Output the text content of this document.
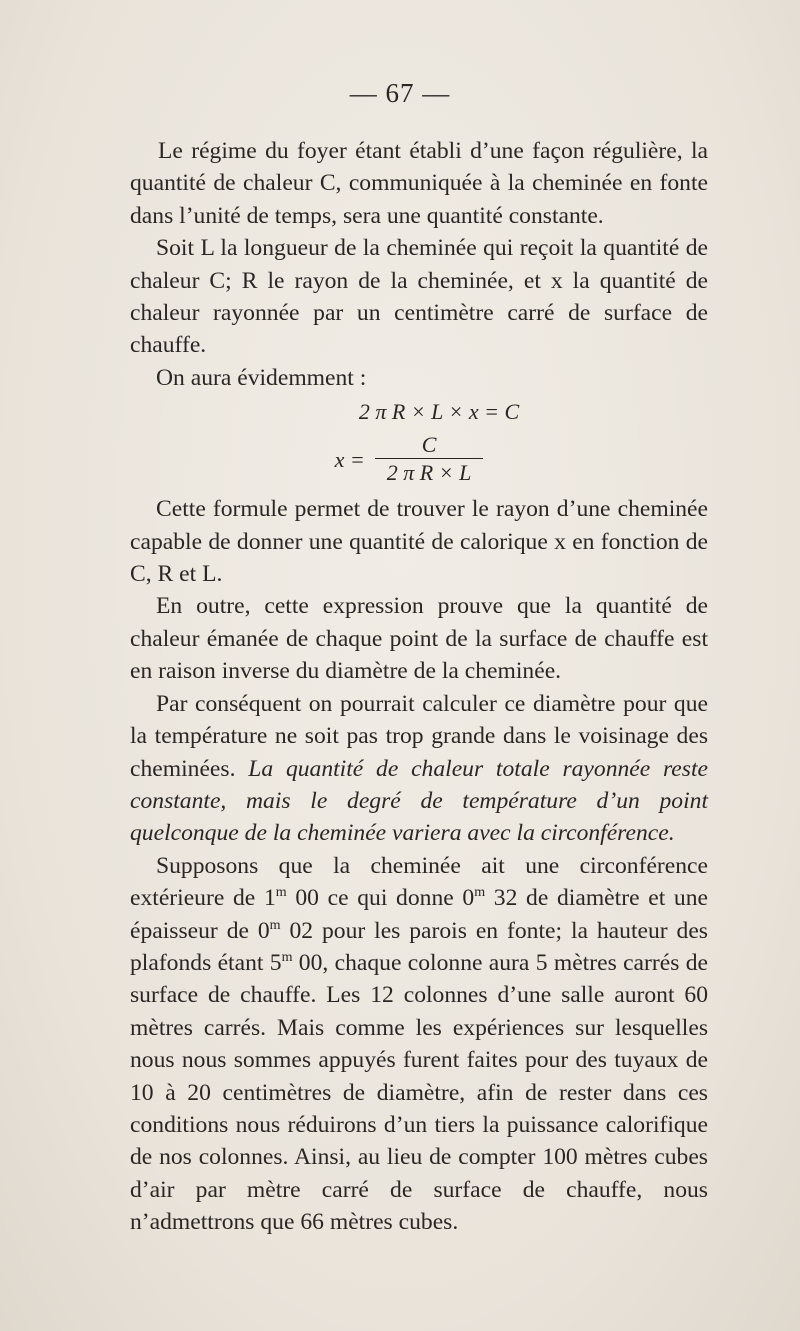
— 67 —

Le régime du foyer étant établi d’une façon régulière, la quantité de chaleur C, communiquée à la cheminée en fonte dans l’unité de temps, sera une quantité constante.

Soit L la longueur de la cheminée qui reçoit la quantité de chaleur C; R le rayon de la cheminée, et x la quantité de chaleur rayonnée par un centimètre carré de surface de chauffe.

On aura évidemment :

2 π R × L × x = C
$x = \frac{C}{\text{2 π R × L}}$

Cette formule permet de trouver le rayon d’une cheminée capable de donner une quantité de calorique x en fonction de C, R et L.

En outre, cette expression prouve que la quantité de chaleur émanée de chaque point de la surface de chauffe est en raison inverse du diamètre de la cheminée.

Par conséquent on pourrait calculer ce diamètre pour que la température ne soit pas trop grande dans le voisinage des cheminées. La quantité de chaleur totale rayonnée reste constante, mais le degré de température d’un point quelconque de la cheminée variera avec la circonférence.

Supposons que la cheminée ait une circonférence extérieure de 1$^m$ 00 ce qui donne 0$^m$ 32 de diamètre et une épaisseur de 0$^m$ 02 pour les parois en fonte; la hauteur des plafonds étant 5$^m$ 00, chaque colonne aura 5 mètres carrés de surface de chauffe. Les 12 colonnes d’une salle auront 60 mètres carrés. Mais comme les expériences sur lesquelles nous nous sommes appuyés furent faites pour des tuyaux de 10 à 20 centimètres de diamètre, afin de rester dans ces conditions nous réduirons d’un tiers la puissance calorifique de nos colonnes. Ainsi, au lieu de compter 100 mètres cubes d’air par mètre carré de surface de chauffe, nous n’admettrons que 66 mètres cubes.
